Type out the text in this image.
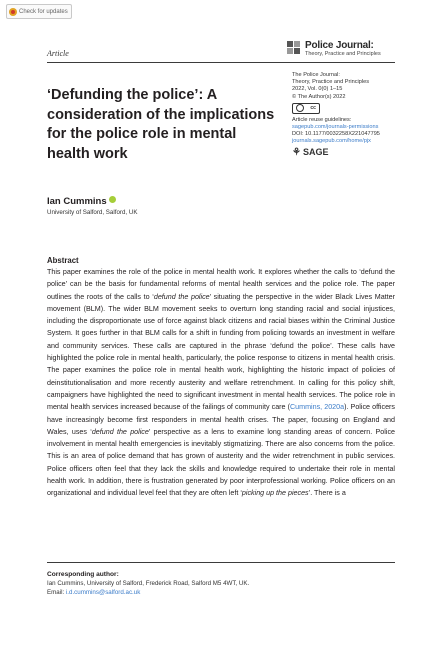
Check for updates
Article
Police Journal:
Theory, Practice and Principles
The Police Journal:
Theory, Practice and Principles
2022, Vol. 0(0) 1–15
© The Author(s) 2022
cc
Article reuse guidelines:
sagepub.com/journals-permissions
DOI: 10.1177/0032258X221047795
journals.sagepub.com/home/pjx
⚘ SAGE
‘Defunding the police’: A consideration of the implications for the police role in mental health work
Ian Cummins
University of Salford, Salford, UK
Abstract
This paper examines the role of the police in mental health work. It explores whether the calls to ‘defund the police’ can be the basis for fundamental reforms of mental health services and the police role. The paper outlines the roots of the calls to ‘defund the police’ situating the perspective in the wider Black Lives Matter movement (BLM). The wider BLM movement seeks to overturn long standing racial and social injustices, including the disproportionate use of force against black citizens and racial biases within the Criminal Justice System. It goes further in that BLM calls for a shift in funding from policing towards an investment in welfare and community services. These calls are captured in the phrase ‘defund the police’. These calls have highlighted the police role in mental health, particularly, the police response to citizens in mental health crisis. The paper examines the police role in mental health work, highlighting the historic impact of policies of deinstitutionalisation and more recently austerity and welfare retrenchment. In calling for this policy shift, campaigners have highlighted the need to significant investment in mental health services. The police role in mental health services increased because of the failings of community care (Cummins, 2020a). Police officers have increasingly become first responders in mental health crises. The paper, focusing on England and Wales, uses ‘defund the police’ perspective as a lens to examine long standing areas of concern. Police involvement in mental health emergencies is inevitably stigmatizing. There are also concerns from the police. This is an area of police demand that has grown of austerity and the wider retrenchment in public services. Police officers often feel that they lack the skills and knowledge required to undertake their role in mental health work. In addition, there is frustration generated by poor interprofessional working. Police officers on an organizational and individual level feel that they are often left ‘picking up the pieces’. There is a
Corresponding author:
Ian Cummins, University of Salford, Frederick Road, Salford M5 4WT, UK.
Email: i.d.cummins@salford.ac.uk
